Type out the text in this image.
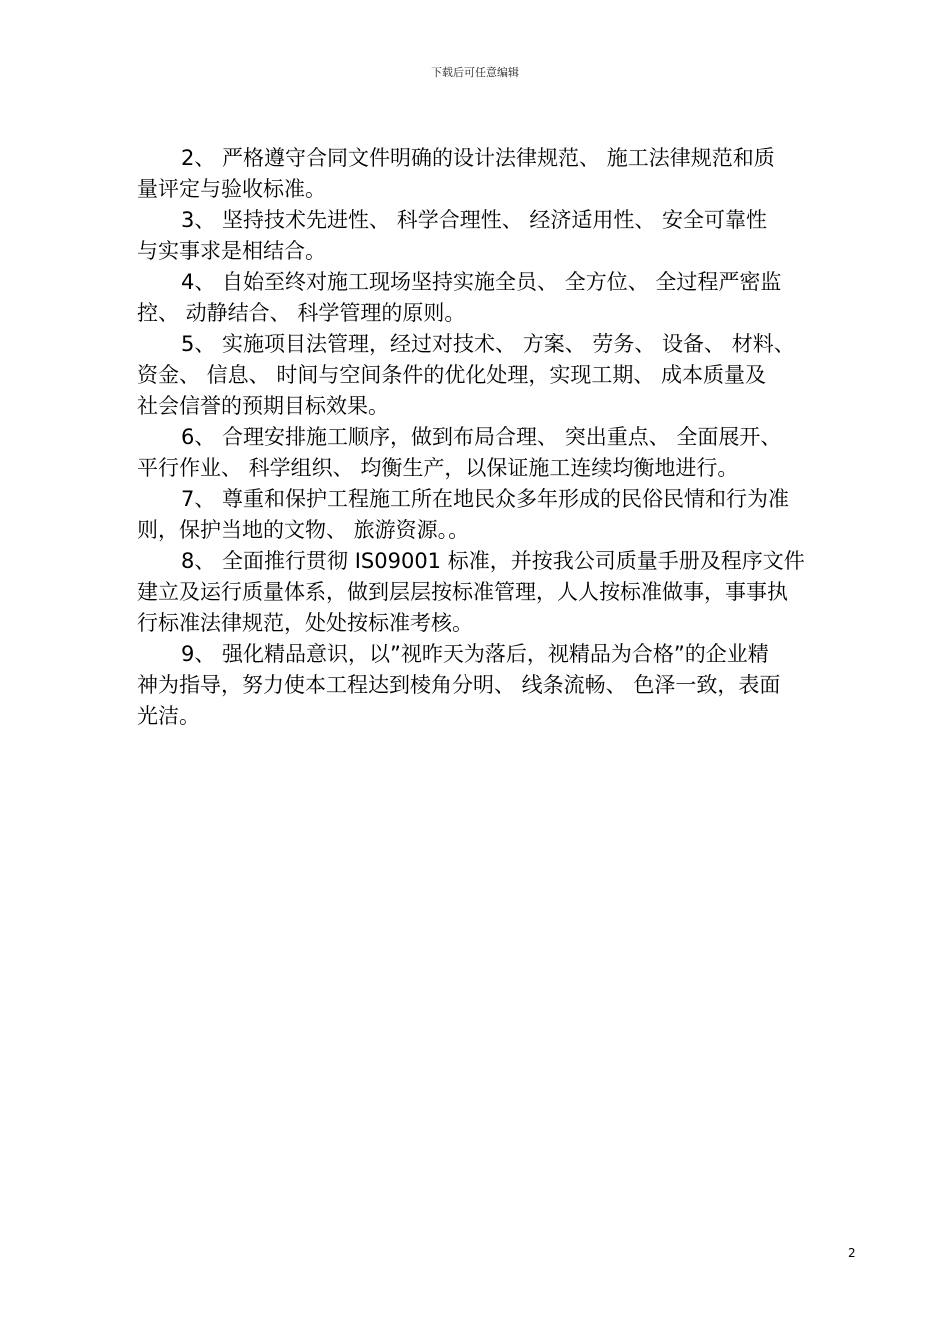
下载后可任意编辑
2、 严格遵守合同文件明确的设计法律规范、 施工法律规范和质
量评定与验收标准。
3、 坚持技术先进性、 科学合理性、 经济适用性、 安全可靠性
与实事求是相结合。
4、 自始至终对施工现场坚持实施全员、 全方位、 全过程严密监
控、 动静结合、 科学管理的原则。
5、 实施项目法管理，经过对技术、 方案、 劳务、 设备、 材料、
资金、 信息、 时间与空间条件的优化处理，实现工期、 成本质量及
社会信誉的预期目标效果。
6、 合理安排施工顺序，做到布局合理、 突出重点、 全面展开、
平行作业、 科学组织、 均衡生产，以保证施工连续均衡地进行。
7、 尊重和保护工程施工所在地民众多年形成的民俗民情和行为准
则，保护当地的文物、 旅游资源。。
8、 全面推行贯彻 IS09001 标准，并按我公司质量手册及程序文件
建立及运行质量体系，做到层层按标准管理，人人按标准做事，事事执
行标准法律规范，处处按标准考核。
9、 强化精品意识，以”视昨天为落后，视精品为合格”的企业精
神为指导，努力使本工程达到棱角分明、 线条流畅、 色泽一致，表面
光洁。
2
